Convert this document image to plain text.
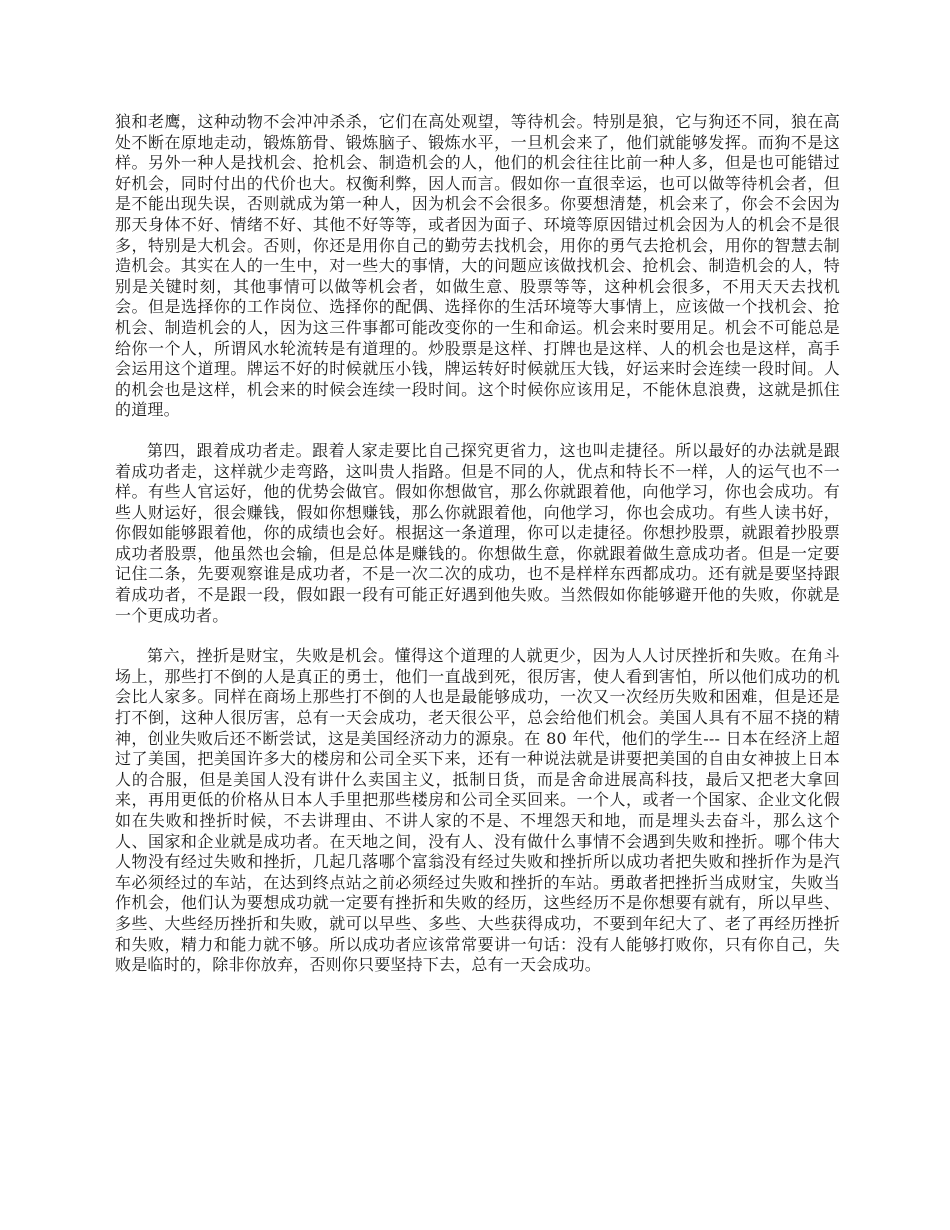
狼和老鹰，这种动物不会冲冲杀杀，它们在高处观望，等待机会。特别是狼，它与狗还不同，狼在高处不断在原地走动，锻炼筋骨、锻炼脑子、锻炼水平，一旦机会来了，他们就能够发挥。而狗不是这样。另外一种人是找机会、抢机会、制造机会的人，他们的机会往往比前一种人多，但是也可能错过好机会，同时付出的代价也大。权衡利弊，因人而言。假如你一直很幸运，也可以做等待机会者，但是不能出现失误，否则就成为第一种人，因为机会不会很多。你要想清楚，机会来了，你会不会因为那天身体不好、情绪不好、其他不好等等，或者因为面子、环境等原因错过机会因为人的机会不是很多，特别是大机会。否则，你还是用你自己的勤劳去找机会，用你的勇气去抢机会，用你的智慧去制造机会。其实在人的一生中，对一些大的事情，大的问题应该做找机会、抢机会、制造机会的人，特别是关键时刻，其他事情可以做等机会者，如做生意、股票等等，这种机会很多，不用天天去找机会。但是选择你的工作岗位、选择你的配偶、选择你的生活环境等大事情上，应该做一个找机会、抢机会、制造机会的人，因为这三件事都可能改变你的一生和命运。机会来时要用足。机会不可能总是给你一个人，所谓风水轮流转是有道理的。炒股票是这样、打牌也是这样、人的机会也是这样，高手会运用这个道理。牌运不好的时候就压小钱，牌运转好时候就压大钱，好运来时会连续一段时间。人的机会也是这样，机会来的时候会连续一段时间。这个时候你应该用足，不能休息浪费，这就是抓住的道理。

第四，跟着成功者走。跟着人家走要比自己探究更省力，这也叫走捷径。所以最好的办法就是跟着成功者走，这样就少走弯路，这叫贵人指路。但是不同的人，优点和特长不一样，人的运气也不一样。有些人官运好，他的优势会做官。假如你想做官，那么你就跟着他，向他学习，你也会成功。有些人财运好，很会赚钱，假如你想赚钱，那么你就跟着他，向他学习，你也会成功。有些人读书好，你假如能够跟着他，你的成绩也会好。根据这一条道理，你可以走捷径。你想抄股票，就跟着抄股票成功者股票，他虽然也会输，但是总体是赚钱的。你想做生意，你就跟着做生意成功者。但是一定要记住二条，先要观察谁是成功者，不是一次二次的成功，也不是样样东西都成功。还有就是要坚持跟着成功者，不是跟一段，假如跟一段有可能正好遇到他失败。当然假如你能够避开他的失败，你就是一个更成功者。

第六，挫折是财宝，失败是机会。懂得这个道理的人就更少，因为人人讨厌挫折和失败。在角斗场上，那些打不倒的人是真正的勇士，他们一直战到死，很厉害，使人看到害怕，所以他们成功的机会比人家多。同样在商场上那些打不倒的人也是最能够成功，一次又一次经历失败和困难，但是还是打不倒，这种人很厉害，总有一天会成功，老天很公平，总会给他们机会。美国人具有不屈不挠的精神，创业失败后还不断尝试，这是美国经济动力的源泉。在 80 年代，他们的学生--- 日本在经济上超过了美国，把美国许多大的楼房和公司全买下来，还有一种说法就是讲要把美国的自由女神披上日本人的合服，但是美国人没有讲什么卖国主义，抵制日货，而是舍命进展高科技，最后又把老大拿回来，再用更低的价格从日本人手里把那些楼房和公司全买回来。一个人，或者一个国家、企业文化假如在失败和挫折时候，不去讲理由、不讲人家的不是、不埋怨天和地，而是埋头去奋斗，那么这个人、国家和企业就是成功者。在天地之间，没有人、没有做什么事情不会遇到失败和挫折。哪个伟大人物没有经过失败和挫折，几起几落哪个富翁没有经过失败和挫折所以成功者把失败和挫折作为是汽车必须经过的车站，在达到终点站之前必须经过失败和挫折的车站。勇敢者把挫折当成财宝，失败当作机会，他们认为要想成功就一定要有挫折和失败的经历，这些经历不是你想要有就有，所以早些、多些、大些经历挫折和失败，就可以早些、多些、大些获得成功，不要到年纪大了、老了再经历挫折和失败，精力和能力就不够。所以成功者应该常常要讲一句话：没有人能够打败你，只有你自己，失败是临时的，除非你放弃，否则你只要坚持下去，总有一天会成功。
